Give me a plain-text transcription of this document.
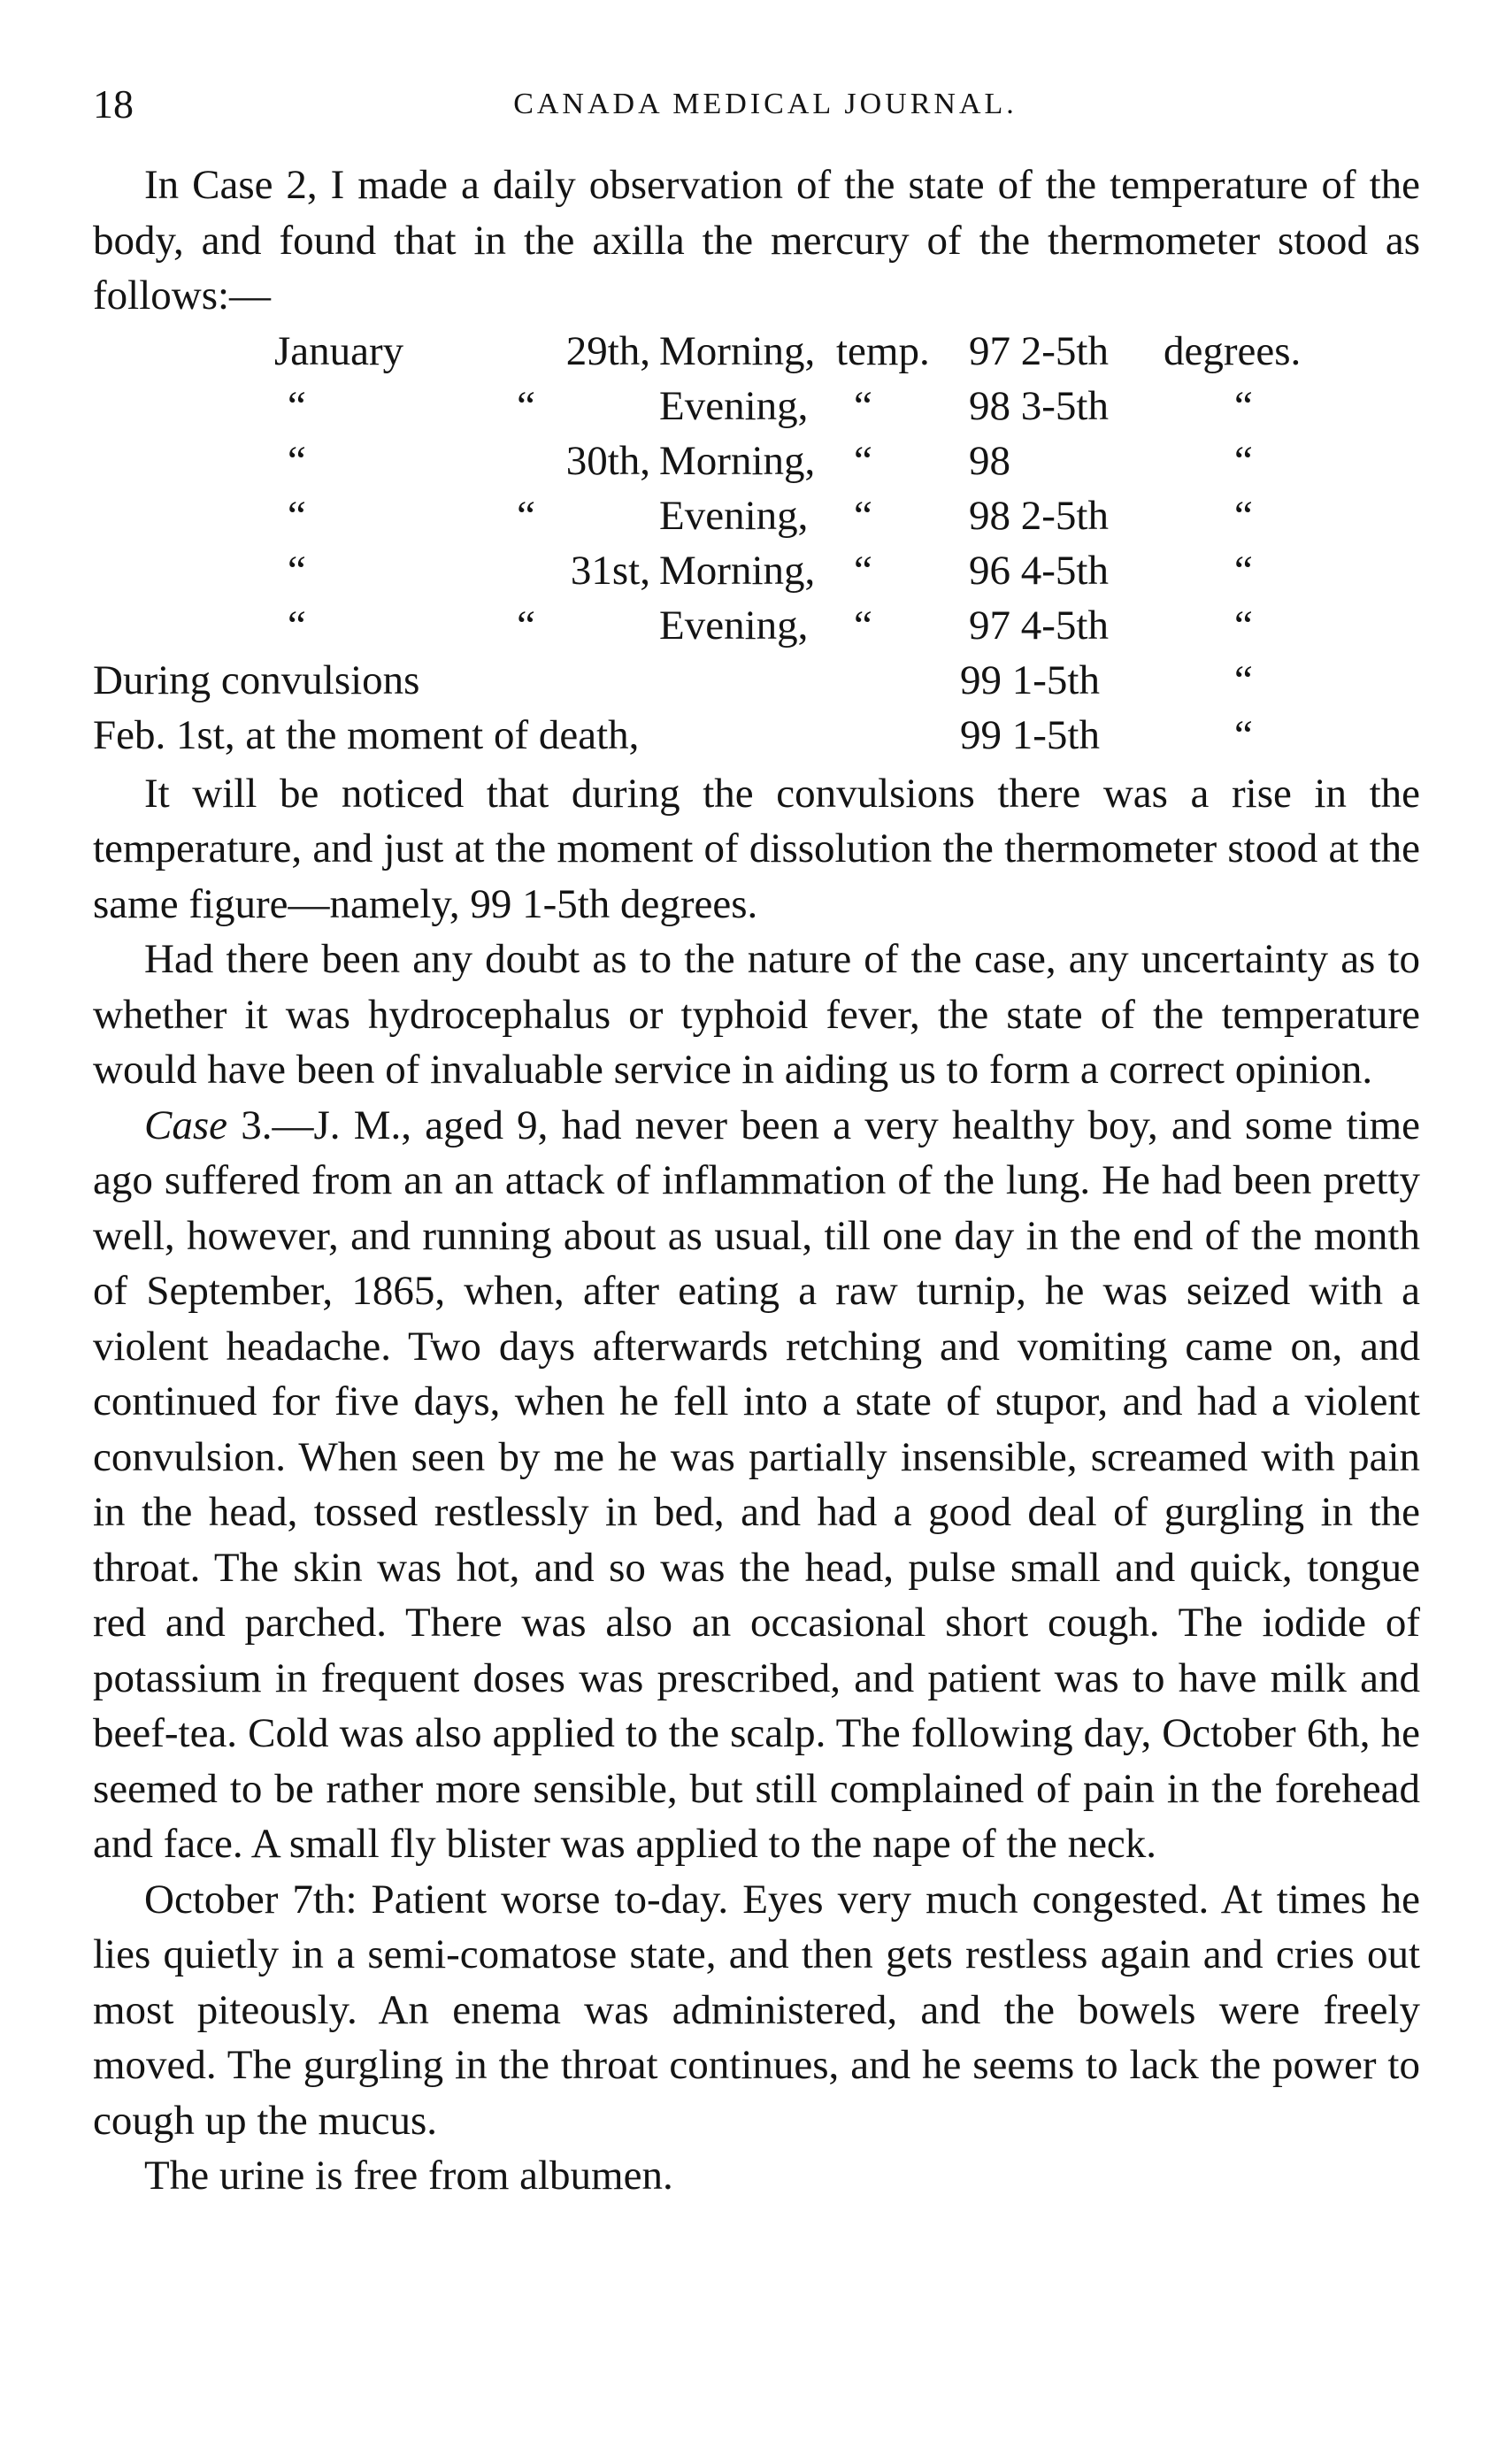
18	CANADA MEDICAL JOURNAL.

In Case 2, I made a daily observation of the state of the temperature of the body, and found that in the axilla the mercury of the thermometer stood as follows:—

January	29th, Morning, temp. 97 2-5th degrees.
“	“	Evening, “ 98 3-5th	“
“	30th, Morning, “ 98	“
“	“	Evening, “ 98 2-5th	“
“	31st, Morning, “ 96 4-5th	“
“	“	Evening, “ 97 4-5th	“
During convulsions	99 1-5th	“
Feb. 1st, at the moment of death,	99 1-5th	“

It will be noticed that during the convulsions there was a rise in the temperature, and just at the moment of dissolution the thermometer stood at the same figure—namely, 99 1-5th degrees.

Had there been any doubt as to the nature of the case, any uncertainty as to whether it was hydrocephalus or typhoid fever, the state of the temperature would have been of invaluable service in aiding us to form a correct opinion.

Case 3.—J. M., aged 9, had never been a very healthy boy, and some time ago suffered from an an attack of inflammation of the lung. He had been pretty well, however, and running about as usual, till one day in the end of the month of September, 1865, when, after eating a raw turnip, he was seized with a violent headache. Two days afterwards retching and vomiting came on, and continued for five days, when he fell into a state of stupor, and had a violent convulsion. When seen by me he was partially insensible, screamed with pain in the head, tossed restlessly in bed, and had a good deal of gurgling in the throat. The skin was hot, and so was the head, pulse small and quick, tongue red and parched. There was also an occasional short cough. The iodide of potassium in frequent doses was prescribed, and patient was to have milk and beef-tea. Cold was also applied to the scalp. The following day, October 6th, he seemed to be rather more sensible, but still complained of pain in the forehead and face. A small fly blister was applied to the nape of the neck.

October 7th: Patient worse to-day. Eyes very much congested. At times he lies quietly in a semi-comatose state, and then gets restless again and cries out most piteously. An enema was administered, and the bowels were freely moved. The gurgling in the throat continues, and he seems to lack the power to cough up the mucus.

The urine is free from albumen.
